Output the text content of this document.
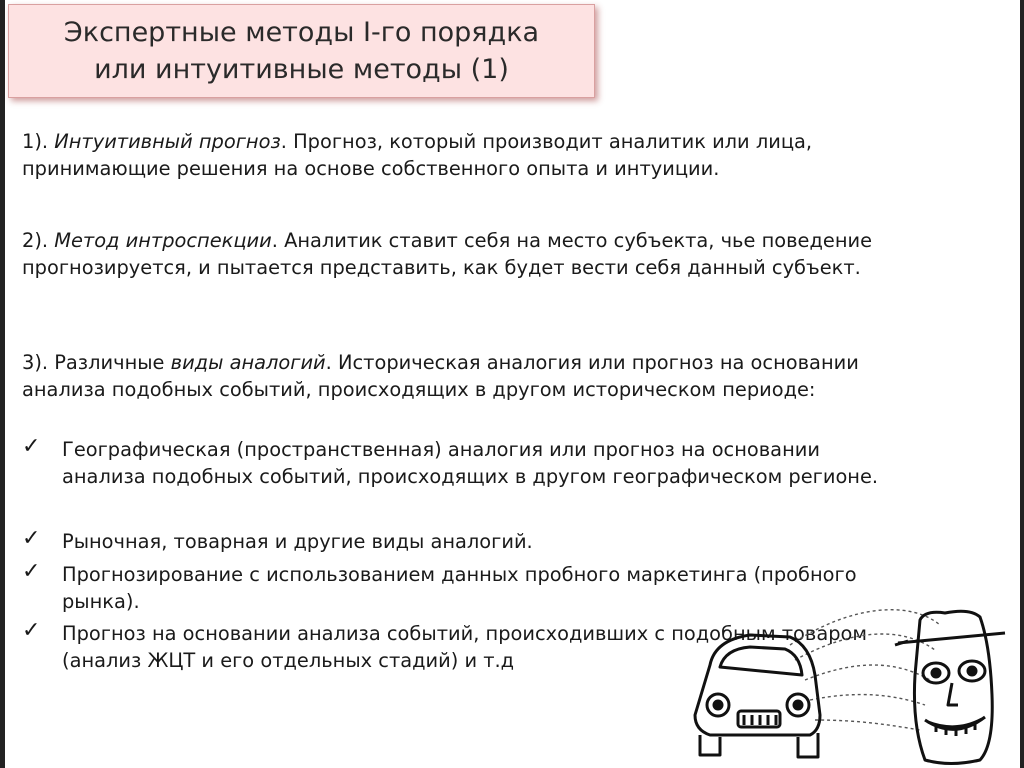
Экспертные методы I-го порядка
или интуитивные методы (1)

1). Интуитивный прогноз. Прогноз, который производит аналитик или лица, принимающие решения на основе собственного опыта и интуиции.

2). Метод интроспекции. Аналитик ставит себя на место субъекта, чье поведение прогнозируется, и пытается представить, как будет вести себя данный субъект.

3). Различные виды аналогий. Историческая аналогия или прогноз на основании анализа подобных событий, происходящих в другом историческом периоде:

✓ Географическая (пространственная) аналогия или прогноз на основании анализа подобных событий, происходящих в другом географическом регионе.
✓ Рыночная, товарная и другие виды аналогий.
✓ Прогнозирование с использованием данных пробного маркетинга (пробного рынка).
✓ Прогноз на основании анализа событий, происходивших с подобным товаром (анализ ЖЦТ и его отдельных стадий) и т.д
